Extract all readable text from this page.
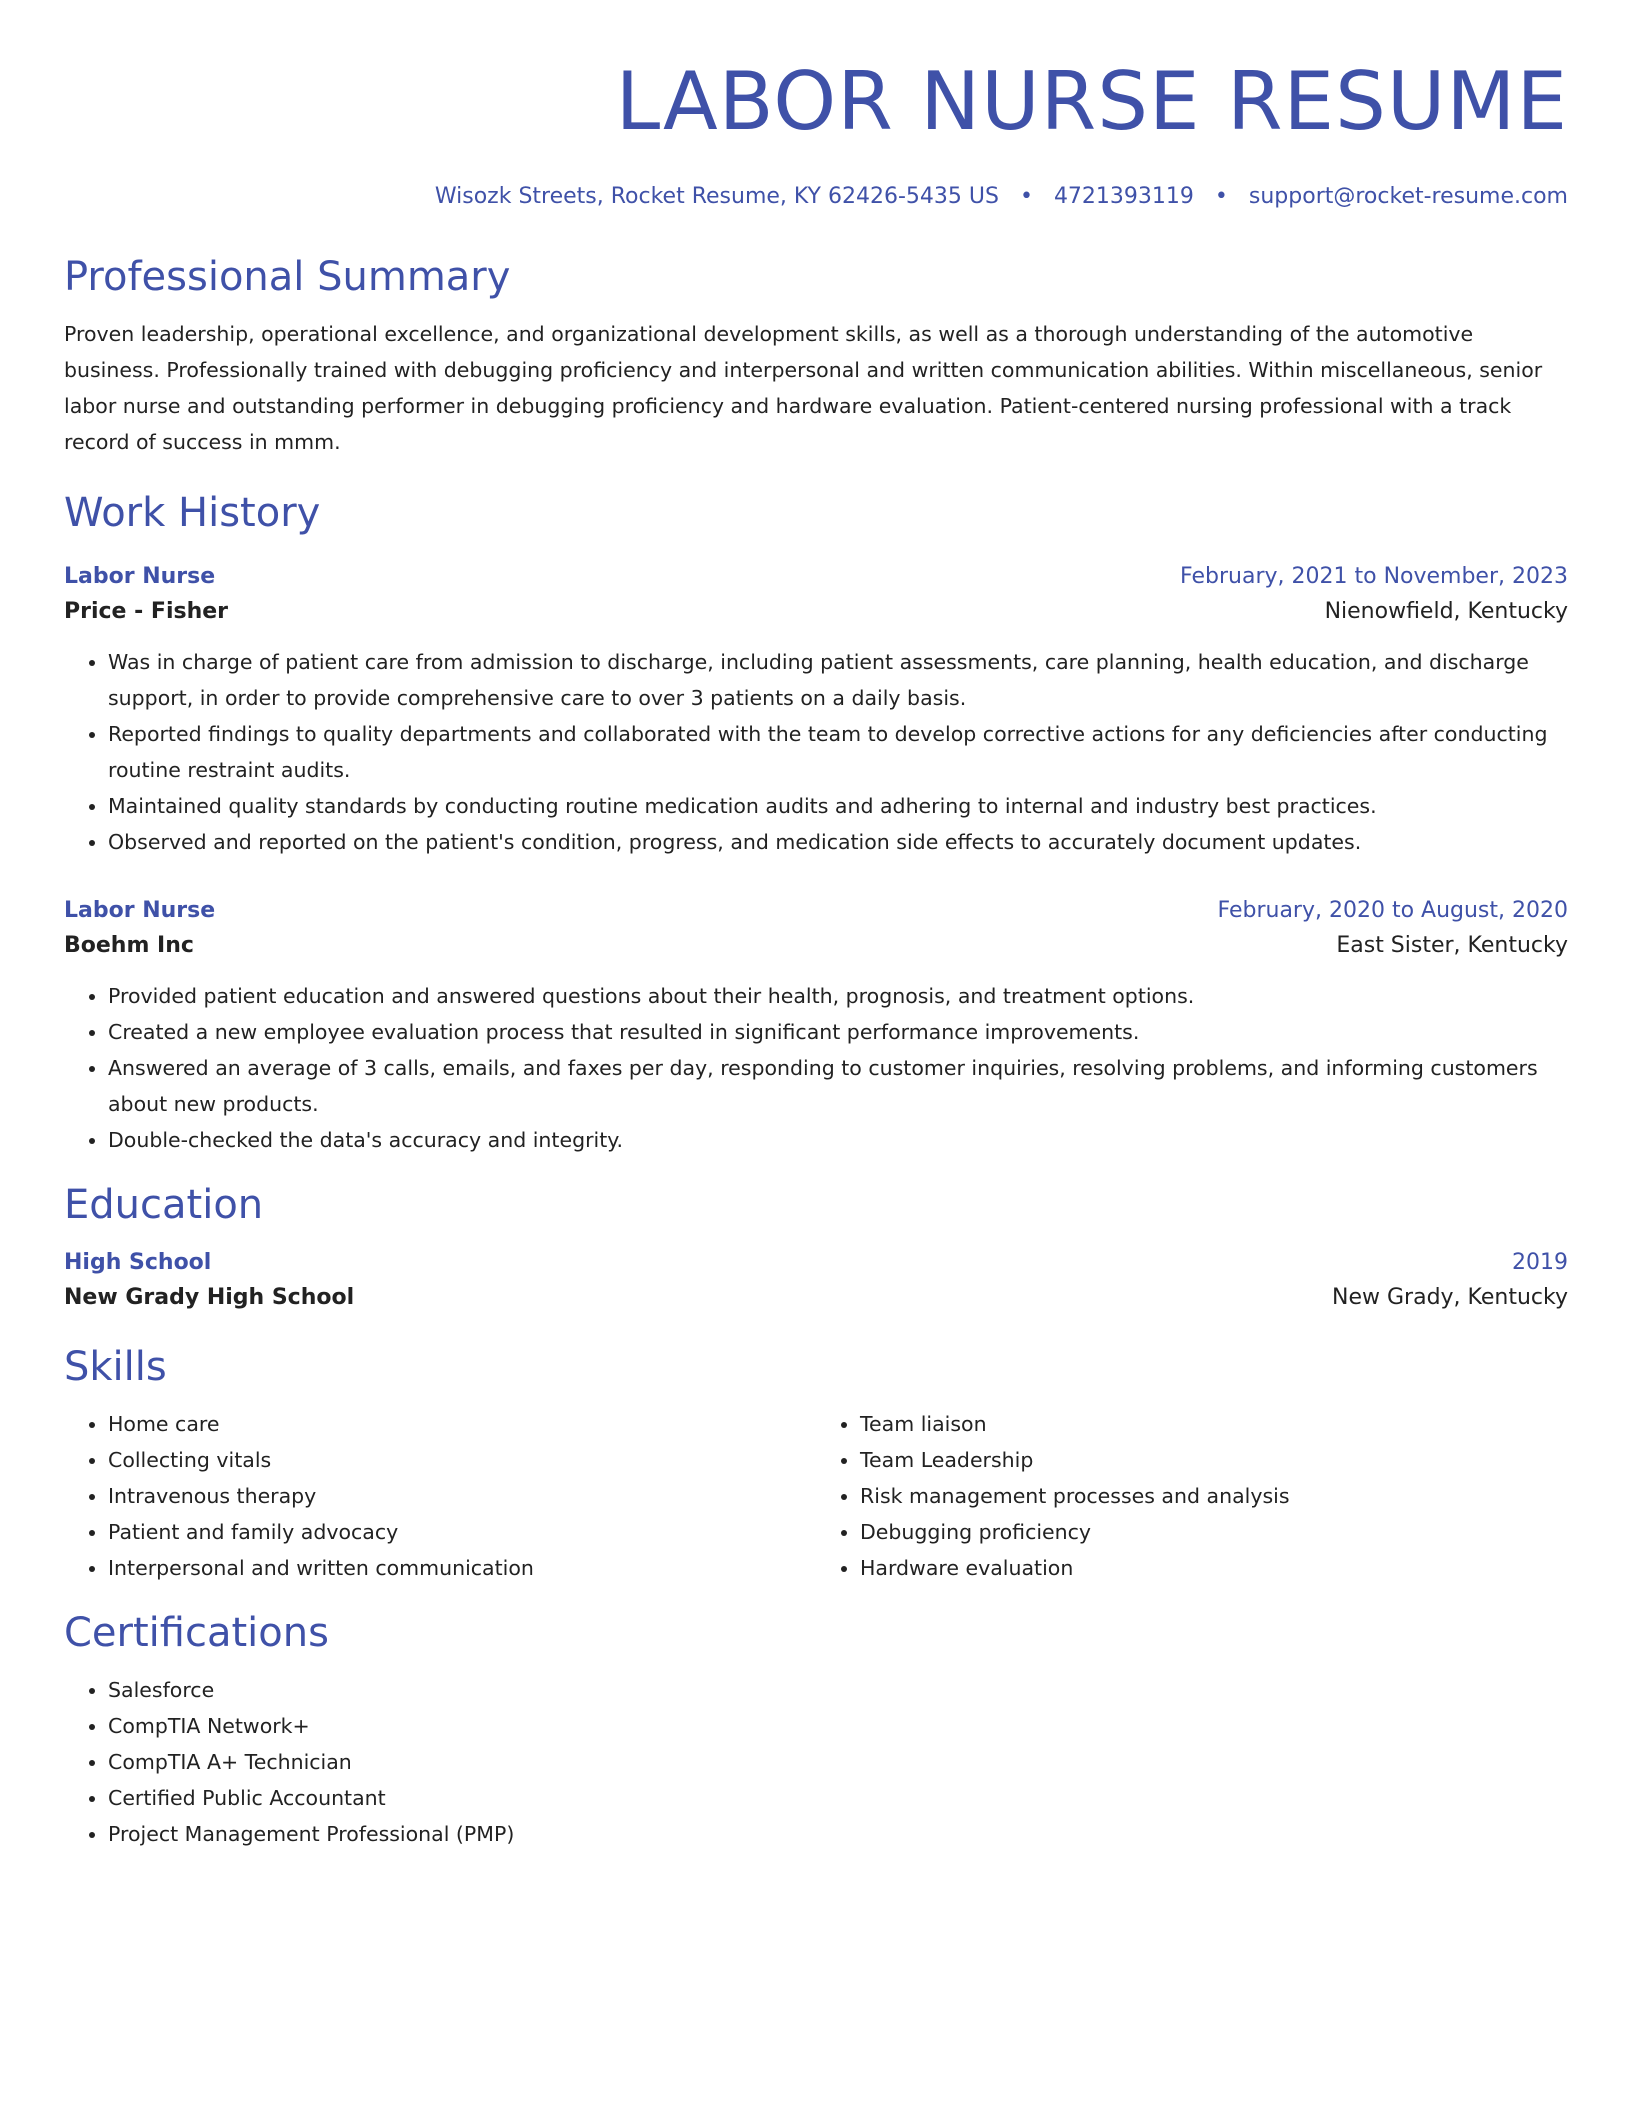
LABOR NURSE RESUME
Wisozk Streets, Rocket Resume, KY 62426-5435 US • 4721393119 • support@rocket-resume.com
Professional Summary
Proven leadership, operational excellence, and organizational development skills, as well as a thorough understanding of the automotive business. Professionally trained with debugging proficiency and interpersonal and written communication abilities. Within miscellaneous, senior labor nurse and outstanding performer in debugging proficiency and hardware evaluation. Patient-centered nursing professional with a track record of success in mmm.
Work History
Labor Nurse	February, 2021 to November, 2023
Price - Fisher	Nienowfield, Kentucky
• Was in charge of patient care from admission to discharge, including patient assessments, care planning, health education, and discharge support, in order to provide comprehensive care to over 3 patients on a daily basis.
• Reported findings to quality departments and collaborated with the team to develop corrective actions for any deficiencies after conducting routine restraint audits.
• Maintained quality standards by conducting routine medication audits and adhering to internal and industry best practices.
• Observed and reported on the patient's condition, progress, and medication side effects to accurately document updates.
Labor Nurse	February, 2020 to August, 2020
Boehm Inc	East Sister, Kentucky
• Provided patient education and answered questions about their health, prognosis, and treatment options.
• Created a new employee evaluation process that resulted in significant performance improvements.
• Answered an average of 3 calls, emails, and faxes per day, responding to customer inquiries, resolving problems, and informing customers about new products.
• Double-checked the data's accuracy and integrity.
Education
High School	2019
New Grady High School	New Grady, Kentucky
Skills
• Home care
• Collecting vitals
• Intravenous therapy
• Patient and family advocacy
• Interpersonal and written communication
• Team liaison
• Team Leadership
• Risk management processes and analysis
• Debugging proficiency
• Hardware evaluation
Certifications
• Salesforce
• CompTIA Network+
• CompTIA A+ Technician
• Certified Public Accountant
• Project Management Professional (PMP)
